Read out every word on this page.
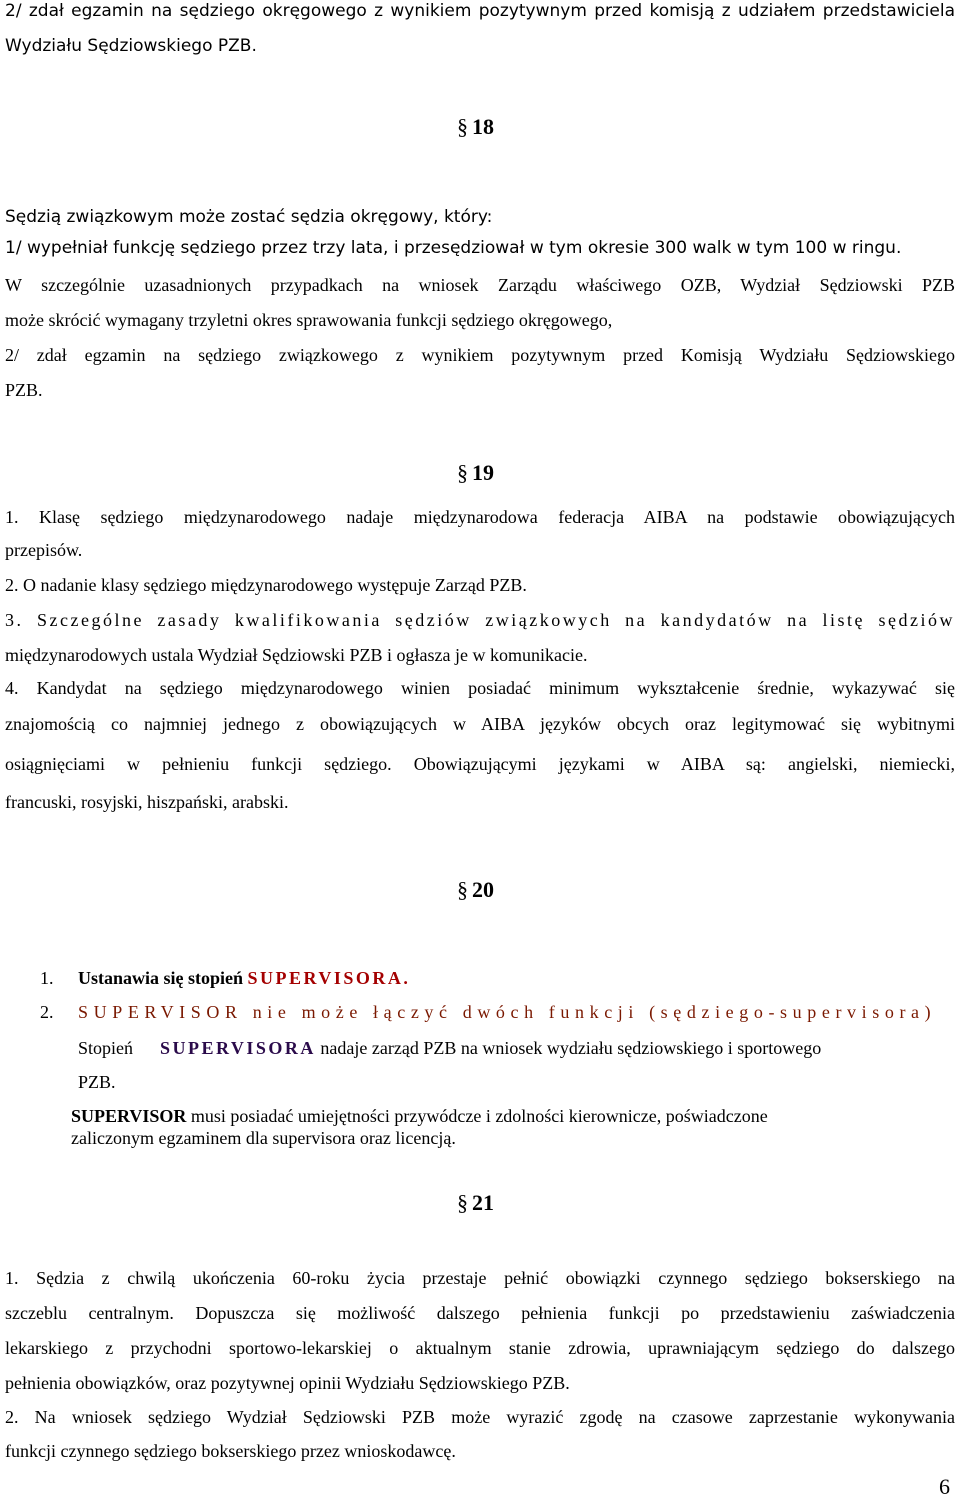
2/ zdał egzamin na sędziego okręgowego z wynikiem pozytywnym przed komisją z udziałem przedstawiciela
Wydziału Sędziowskiego PZB.
§ 18
Sędzią związkowym może zostać sędzia okręgowy, który:
1/ wypełniał funkcję sędziego przez trzy lata, i przesędziował w tym okresie 300 walk w tym 100 w ringu.
W szczególnie uzasadnionych przypadkach na wniosek Zarządu właściwego OZB, Wydział Sędziowski PZB
może skrócić wymagany trzyletni okres sprawowania funkcji sędziego okręgowego,
2/ zdał egzamin na sędziego związkowego z wynikiem pozytywnym przed Komisją Wydziału Sędziowskiego
PZB.
§ 19
1. Klasę sędziego międzynarodowego nadaje międzynarodowa federacja AIBA na podstawie obowiązujących
przepisów.
2. O nadanie klasy sędziego międzynarodowego występuje Zarząd PZB.
3. Szczególne zasady kwalifikowania sędziów związkowych na kandydatów na listę sędziów
międzynarodowych ustala Wydział Sędziowski PZB i ogłasza je w komunikacie.
4. Kandydat na sędziego międzynarodowego winien posiadać minimum wykształcenie średnie, wykazywać się
znajomością co najmniej jednego z obowiązujących w AIBA języków obcych oraz legitymować się wybitnymi
osiągnięciami w pełnieniu funkcji sędziego. Obowiązującymi językami w AIBA są: angielski, niemiecki,
francuski, rosyjski, hiszpański, arabski.
§ 20
1. Ustanawia się stopień SUPERVISORA.
2. SUPERVISOR nie może łączyć dwóch funkcji (sędziego-supervisora)
Stopień SUPERVISORA nadaje zarząd PZB na wniosek wydziału sędziowskiego i sportowego
PZB.
SUPERVISOR musi posiadać umiejętności przywódcze i zdolności kierownicze, poświadczone
zaliczonym egzaminem dla supervisora oraz licencją.
§ 21
1. Sędzia z chwilą ukończenia 60-roku życia przestaje pełnić obowiązki czynnego sędziego bokserskiego na
szczeblu centralnym. Dopuszcza się możliwość dalszego pełnienia funkcji po przedstawieniu zaświadczenia
lekarskiego z przychodni sportowo-lekarskiej o aktualnym stanie zdrowia, uprawniającym sędziego do dalszego
pełnienia obowiązków, oraz pozytywnej opinii Wydziału Sędziowskiego PZB.
2. Na wniosek sędziego Wydział Sędziowski PZB może wyrazić zgodę na czasowe zaprzestanie wykonywania
funkcji czynnego sędziego bokserskiego przez wnioskodawcę.
6
